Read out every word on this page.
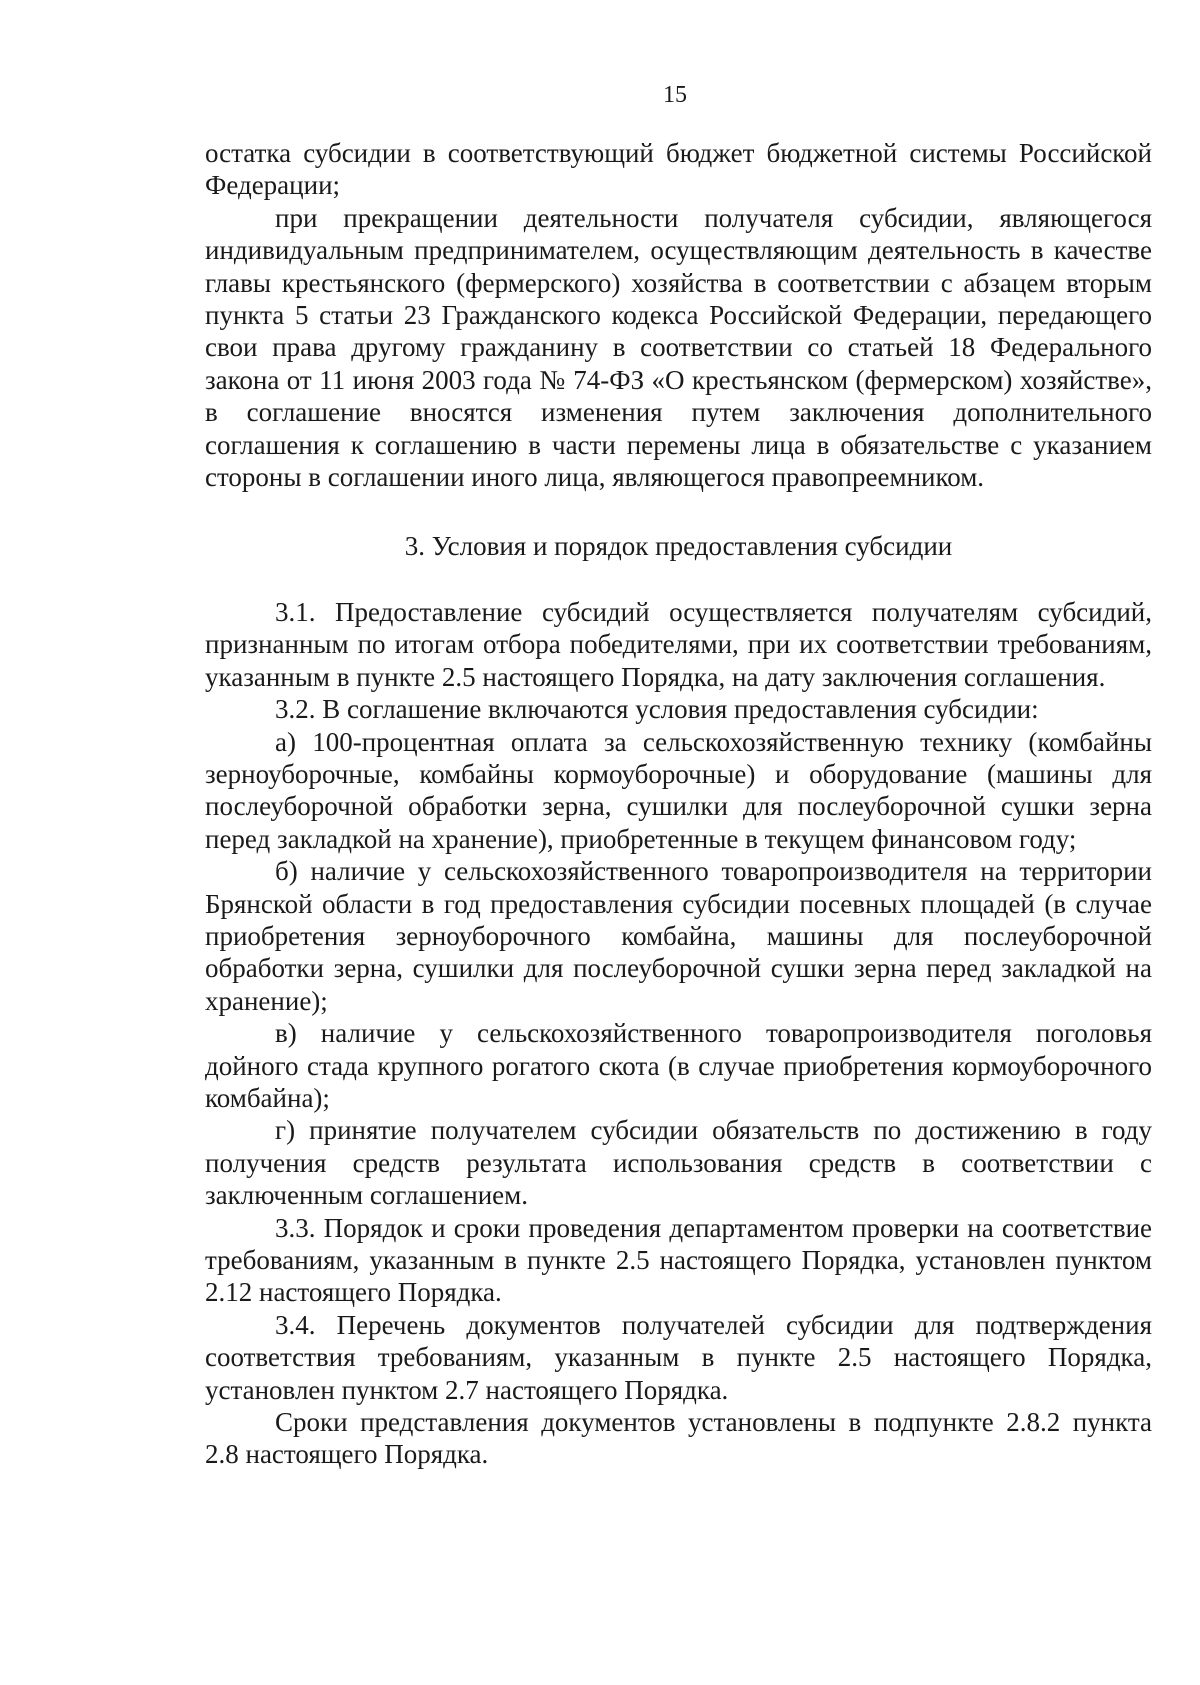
15

остатка субсидии в соответствующий бюджет бюджетной системы Российской Федерации;

при прекращении деятельности получателя субсидии, являющегося индивидуальным предпринимателем, осуществляющим деятельность в качестве главы крестьянского (фермерского) хозяйства в соответствии с абзацем вторым пункта 5 статьи 23 Гражданского кодекса Российской Федерации, передающего свои права другому гражданину в соответствии со статьей 18 Федерального закона от 11 июня 2003 года № 74-ФЗ «О крестьянском (фермерском) хозяйстве», в соглашение вносятся изменения путем заключения дополнительного соглашения к соглашению в части перемены лица в обязательстве с указанием стороны в соглашении иного лица, являющегося правопреемником.

3. Условия и порядок предоставления субсидии

3.1. Предоставление субсидий осуществляется получателям субсидий, признанным по итогам отбора победителями, при их соответствии требованиям, указанным в пункте 2.5 настоящего Порядка, на дату заключения соглашения.

3.2. В соглашение включаются условия предоставления субсидии:

а) 100-процентная оплата за сельскохозяйственную технику (комбайны зерноуборочные, комбайны кормоуборочные) и оборудование (машины для послеуборочной обработки зерна, сушилки для послеуборочной сушки зерна перед закладкой на хранение), приобретенные в текущем финансовом году;

б) наличие у сельскохозяйственного товаропроизводителя на территории Брянской области в год предоставления субсидии посевных площадей (в случае приобретения зерноуборочного комбайна, машины для послеуборочной обработки зерна, сушилки для послеуборочной сушки зерна перед закладкой на хранение);

в) наличие у сельскохозяйственного товаропроизводителя поголовья дойного стада крупного рогатого скота (в случае приобретения кормоуборочного комбайна);

г) принятие получателем субсидии обязательств по достижению в году получения средств результата использования средств в соответствии с заключенным соглашением.

3.3. Порядок и сроки проведения департаментом проверки на соответствие требованиям, указанным в пункте 2.5 настоящего Порядка, установлен пунктом 2.12 настоящего Порядка.

3.4. Перечень документов получателей субсидии для подтверждения соответствия требованиям, указанным в пункте 2.5 настоящего Порядка, установлен пунктом 2.7 настоящего Порядка.

Сроки представления документов установлены в подпункте 2.8.2 пункта 2.8 настоящего Порядка.
